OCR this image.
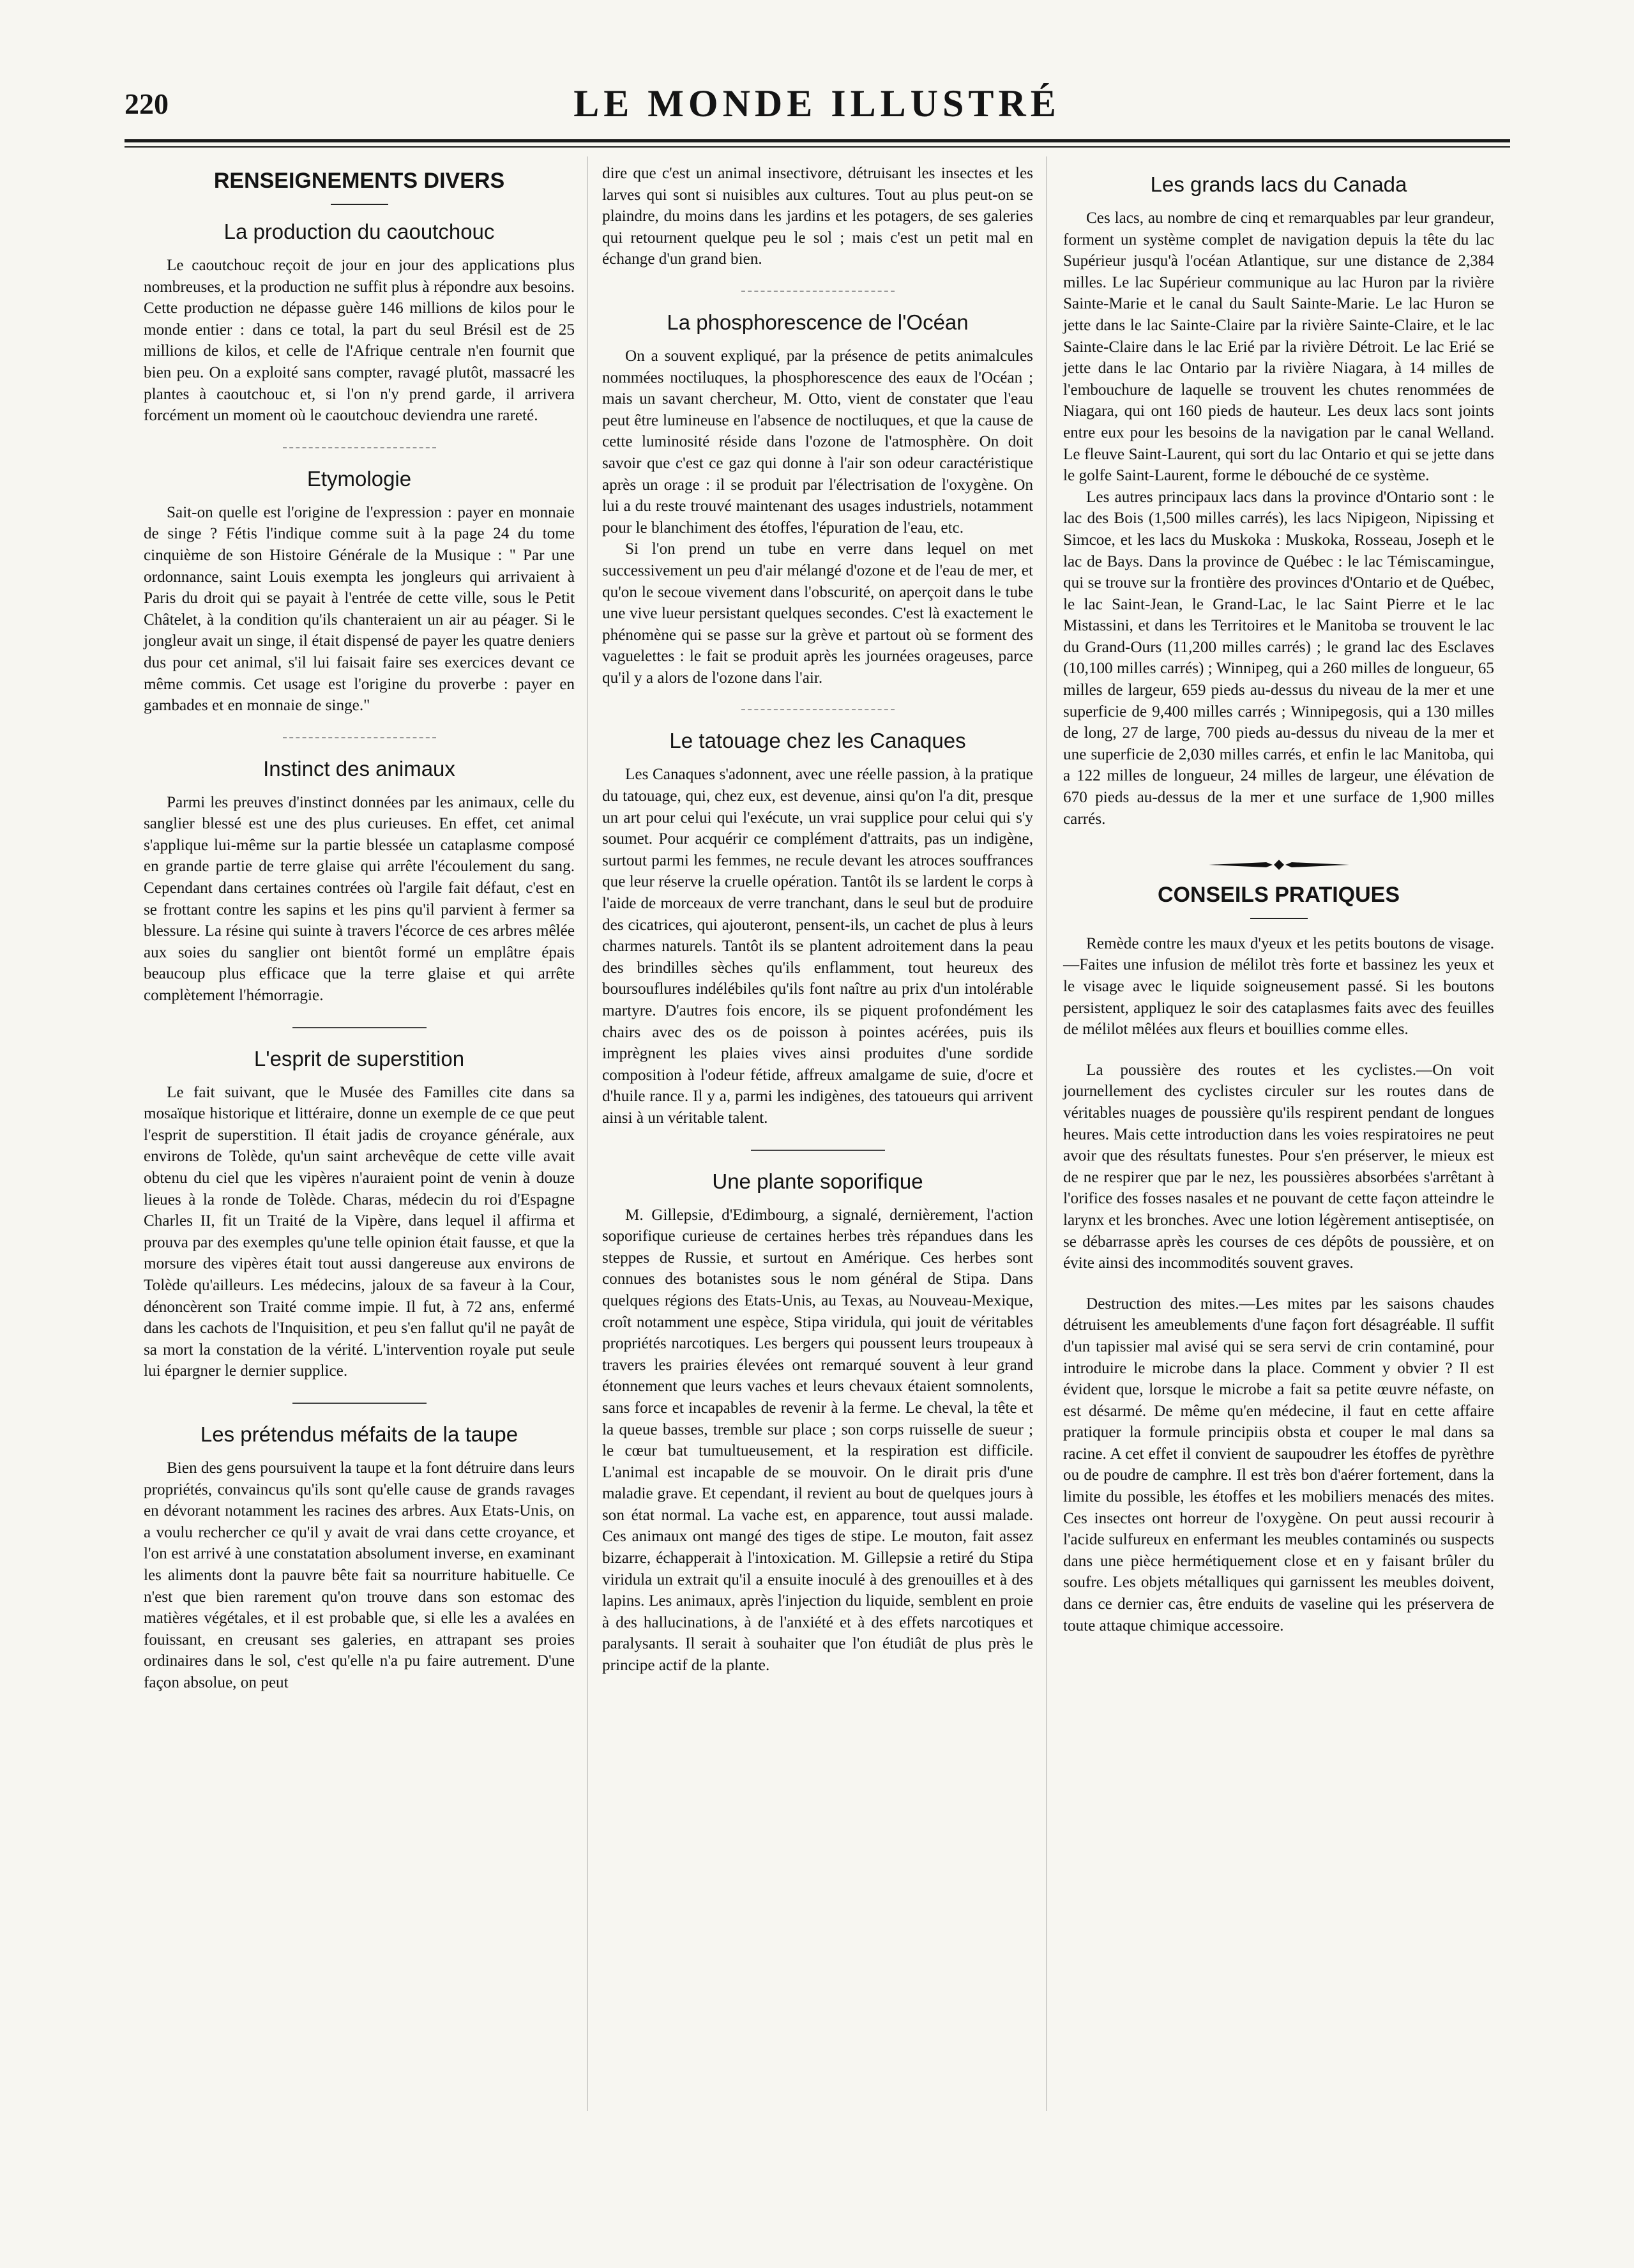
220	LE MONDE ILLUSTRÉ
RENSEIGNEMENTS DIVERS
La production du caoutchouc

Le caoutchouc reçoit de jour en jour des applications plus nombreuses, et la production ne suffit plus à répondre aux besoins. Cette production ne dépasse guère 146 millions de kilos pour le monde entier : dans ce total, la part du seul Brésil est de 25 millions de kilos, et celle de l'Afrique centrale n'en fournit que bien peu. On a exploité sans compter, ravagé plutôt, massacré les plantes à caoutchouc et, si l'on n'y prend garde, il arrivera forcément un moment où le caoutchouc deviendra une rareté.

Etymologie

Sait-on quelle est l'origine de l'expression : payer en monnaie de singe ? Fétis l'indique comme suit à la page 24 du tome cinquième de son Histoire Générale de la Musique : " Par une ordonnance, saint Louis exempta les jongleurs qui arrivaient à Paris du droit qui se payait à l'entrée de cette ville, sous le Petit Châtelet, à la condition qu'ils chanteraient un air au péager. Si le jongleur avait un singe, il était dispensé de payer les quatre deniers dus pour cet animal, s'il lui faisait faire ses exercices devant ce même commis. Cet usage est l'origine du proverbe : payer en gambades et en monnaie de singe."

Instinct des animaux

Parmi les preuves d'instinct données par les animaux, celle du sanglier blessé est une des plus curieuses. En effet, cet animal s'applique lui-même sur la partie blessée un cataplasme composé en grande partie de terre glaise qui arrête l'écoulement du sang. Cependant dans certaines contrées où l'argile fait défaut, c'est en se frottant contre les sapins et les pins qu'il parvient à fermer sa blessure. La résine qui suinte à travers l'écorce de ces arbres mêlée aux soies du sanglier ont bientôt formé un emplâtre épais beaucoup plus efficace que la terre glaise et qui arrête complètement l'hémorragie.

L'esprit de superstition

Le fait suivant, que le Musée des Familles cite dans sa mosaïque historique et littéraire, donne un exemple de ce que peut l'esprit de superstition. Il était jadis de croyance générale, aux environs de Tolède, qu'un saint archevêque de cette ville avait obtenu du ciel que les vipères n'auraient point de venin à douze lieues à la ronde de Tolède. Charas, médecin du roi d'Espagne Charles II, fit un Traité de la Vipère, dans lequel il affirma et prouva par des exemples qu'une telle opinion était fausse, et que la morsure des vipères était tout aussi dangereuse aux environs de Tolède qu'ailleurs. Les médecins, jaloux de sa faveur à la Cour, dénoncèrent son Traité comme impie. Il fut, à 72 ans, enfermé dans les cachots de l'Inquisition, et peu s'en fallut qu'il ne payât de sa mort la constation de la vérité. L'intervention royale put seule lui épargner le dernier supplice.

Les prétendus méfaits de la taupe

Bien des gens poursuivent la taupe et la font détruire dans leurs propriétés, convaincus qu'ils sont qu'elle cause de grands ravages en dévorant notamment les racines des arbres. Aux Etats-Unis, on a voulu rechercher ce qu'il y avait de vrai dans cette croyance, et l'on est arrivé à une constatation absolument inverse, en examinant les aliments dont la pauvre bête fait sa nourriture habituelle. Ce n'est que bien rarement qu'on trouve dans son estomac des matières végétales, et il est probable que, si elle les a avalées en fouissant, en creusant ses galeries, en attrapant ses proies ordinaires dans le sol, c'est qu'elle n'a pu faire autrement. D'une façon absolue, on peut

dire que c'est un animal insectivore, détruisant les insectes et les larves qui sont si nuisibles aux cultures. Tout au plus peut-on se plaindre, du moins dans les jardins et les potagers, de ses galeries qui retournent quelque peu le sol ; mais c'est un petit mal en échange d'un grand bien.

La phosphorescence de l'Océan

On a souvent expliqué, par la présence de petits animalcules nommées noctiluques, la phosphorescence des eaux de l'Océan ; mais un savant chercheur, M. Otto, vient de constater que l'eau peut être lumineuse en l'absence de noctiluques, et que la cause de cette luminosité réside dans l'ozone de l'atmosphère. On doit savoir que c'est ce gaz qui donne à l'air son odeur caractéristique après un orage : il se produit par l'électrisation de l'oxygène. On lui a du reste trouvé maintenant des usages industriels, notamment pour le blanchiment des étoffes, l'épuration de l'eau, etc.

Si l'on prend un tube en verre dans lequel on met successivement un peu d'air mélangé d'ozone et de l'eau de mer, et qu'on le secoue vivement dans l'obscurité, on aperçoit dans le tube une vive lueur persistant quelques secondes. C'est là exactement le phénomène qui se passe sur la grève et partout où se forment des vaguelettes : le fait se produit après les journées orageuses, parce qu'il y a alors de l'ozone dans l'air.

Le tatouage chez les Canaques

Les Canaques s'adonnent, avec une réelle passion, à la pratique du tatouage, qui, chez eux, est devenue, ainsi qu'on l'a dit, presque un art pour celui qui l'exécute, un vrai supplice pour celui qui s'y soumet. Pour acquérir ce complément d'attraits, pas un indigène, surtout parmi les femmes, ne recule devant les atroces souffrances que leur réserve la cruelle opération. Tantôt ils se lardent le corps à l'aide de morceaux de verre tranchant, dans le seul but de produire des cicatrices, qui ajouteront, pensent-ils, un cachet de plus à leurs charmes naturels. Tantôt ils se plantent adroitement dans la peau des brindilles sèches qu'ils enflamment, tout heureux des boursouflures indélébiles qu'ils font naître au prix d'un intolérable martyre. D'autres fois encore, ils se piquent profondément les chairs avec des os de poisson à pointes acérées, puis ils imprègnent les plaies vives ainsi produites d'une sordide composition à l'odeur fétide, affreux amalgame de suie, d'ocre et d'huile rance. Il y a, parmi les indigènes, des tatoueurs qui arrivent ainsi à un véritable talent.

Une plante soporifique

M. Gillepsie, d'Edimbourg, a signalé, dernièrement, l'action soporifique curieuse de certaines herbes très répandues dans les steppes de Russie, et surtout en Amérique. Ces herbes sont connues des botanistes sous le nom général de Stipa. Dans quelques régions des Etats-Unis, au Texas, au Nouveau-Mexique, croît notamment une espèce, Stipa viridula, qui jouit de véritables propriétés narcotiques. Les bergers qui poussent leurs troupeaux à travers les prairies élevées ont remarqué souvent à leur grand étonnement que leurs vaches et leurs chevaux étaient somnolents, sans force et incapables de revenir à la ferme. Le cheval, la tête et la queue basses, tremble sur place ; son corps ruisselle de sueur ; le cœur bat tumultueusement, et la respiration est difficile. L'animal est incapable de se mouvoir. On le dirait pris d'une maladie grave. Et cependant, il revient au bout de quelques jours à son état normal. La vache est, en apparence, tout aussi malade. Ces animaux ont mangé des tiges de stipe. Le mouton, fait assez bizarre, échapperait à l'intoxication. M. Gillepsie a retiré du Stipa viridula un extrait qu'il a ensuite inoculé à des grenouilles et à des lapins. Les animaux, après l'injection du liquide, semblent en proie à des hallucinations, à de l'anxiété et à des effets narcotiques et paralysants. Il serait à souhaiter que l'on étudiât de plus près le principe actif de la plante.

Les grands lacs du Canada

Ces lacs, au nombre de cinq et remarquables par leur grandeur, forment un système complet de navigation depuis la tête du lac Supérieur jusqu'à l'océan Atlantique, sur une distance de 2,384 milles. Le lac Supérieur communique au lac Huron par la rivière Sainte-Marie et le canal du Sault Sainte-Marie. Le lac Huron se jette dans le lac Sainte-Claire par la rivière Sainte-Claire, et le lac Sainte-Claire dans le lac Erié par la rivière Détroit. Le lac Erié se jette dans le lac Ontario par la rivière Niagara, à 14 milles de l'embouchure de laquelle se trouvent les chutes renommées de Niagara, qui ont 160 pieds de hauteur. Les deux lacs sont joints entre eux pour les besoins de la navigation par le canal Welland. Le fleuve Saint-Laurent, qui sort du lac Ontario et qui se jette dans le golfe Saint-Laurent, forme le débouché de ce système.

Les autres principaux lacs dans la province d'Ontario sont : le lac des Bois (1,500 milles carrés), les lacs Nipigeon, Nipissing et Simcoe, et les lacs du Muskoka : Muskoka, Rosseau, Joseph et le lac de Bays. Dans la province de Québec : le lac Témiscamingue, qui se trouve sur la frontière des provinces d'Ontario et de Québec, le lac Saint-Jean, le Grand-Lac, le lac Saint Pierre et le lac Mistassini, et dans les Territoires et le Manitoba se trouvent le lac du Grand-Ours (11,200 milles carrés) ; le grand lac des Esclaves (10,100 milles carrés) ; Winnipeg, qui a 260 milles de longueur, 65 milles de largeur, 659 pieds au-dessus du niveau de la mer et une superficie de 9,400 milles carrés ; Winnipegosis, qui a 130 milles de long, 27 de large, 700 pieds au-dessus du niveau de la mer et une superficie de 2,030 milles carrés, et enfin le lac Manitoba, qui a 122 milles de longueur, 24 milles de largeur, une élévation de 670 pieds au-dessus de la mer et une surface de 1,900 milles carrés.

CONSEILS PRATIQUES

Remède contre les maux d'yeux et les petits boutons de visage.—Faites une infusion de mélilot très forte et bassinez les yeux et le visage avec le liquide soigneusement passé. Si les boutons persistent, appliquez le soir des cataplasmes faits avec des feuilles de mélilot mêlées aux fleurs et bouillies comme elles.

La poussière des routes et les cyclistes.—On voit journellement des cyclistes circuler sur les routes dans de véritables nuages de poussière qu'ils respirent pendant de longues heures. Mais cette introduction dans les voies respiratoires ne peut avoir que des résultats funestes. Pour s'en préserver, le mieux est de ne respirer que par le nez, les poussières absorbées s'arrêtant à l'orifice des fosses nasales et ne pouvant de cette façon atteindre le larynx et les bronches. Avec une lotion légèrement antiseptisée, on se débarrasse après les courses de ces dépôts de poussière, et on évite ainsi des incommodités souvent graves.

Destruction des mites.—Les mites par les saisons chaudes détruisent les ameublements d'une façon fort désagréable. Il suffit d'un tapissier mal avisé qui se sera servi de crin contaminé, pour introduire le microbe dans la place. Comment y obvier ? Il est évident que, lorsque le microbe a fait sa petite œuvre néfaste, on est désarmé. De même qu'en médecine, il faut en cette affaire pratiquer la formule principiis obsta et couper le mal dans sa racine. A cet effet il convient de saupoudrer les étoffes de pyrèthre ou de poudre de camphre. Il est très bon d'aérer fortement, dans la limite du possible, les étoffes et les mobiliers menacés des mites. Ces insectes ont horreur de l'oxygène. On peut aussi recourir à l'acide sulfureux en enfermant les meubles contaminés ou suspects dans une pièce hermétiquement close et en y faisant brûler du soufre. Les objets métalliques qui garnissent les meubles doivent, dans ce dernier cas, être enduits de vaseline qui les préservera de toute attaque chimique accessoire.
